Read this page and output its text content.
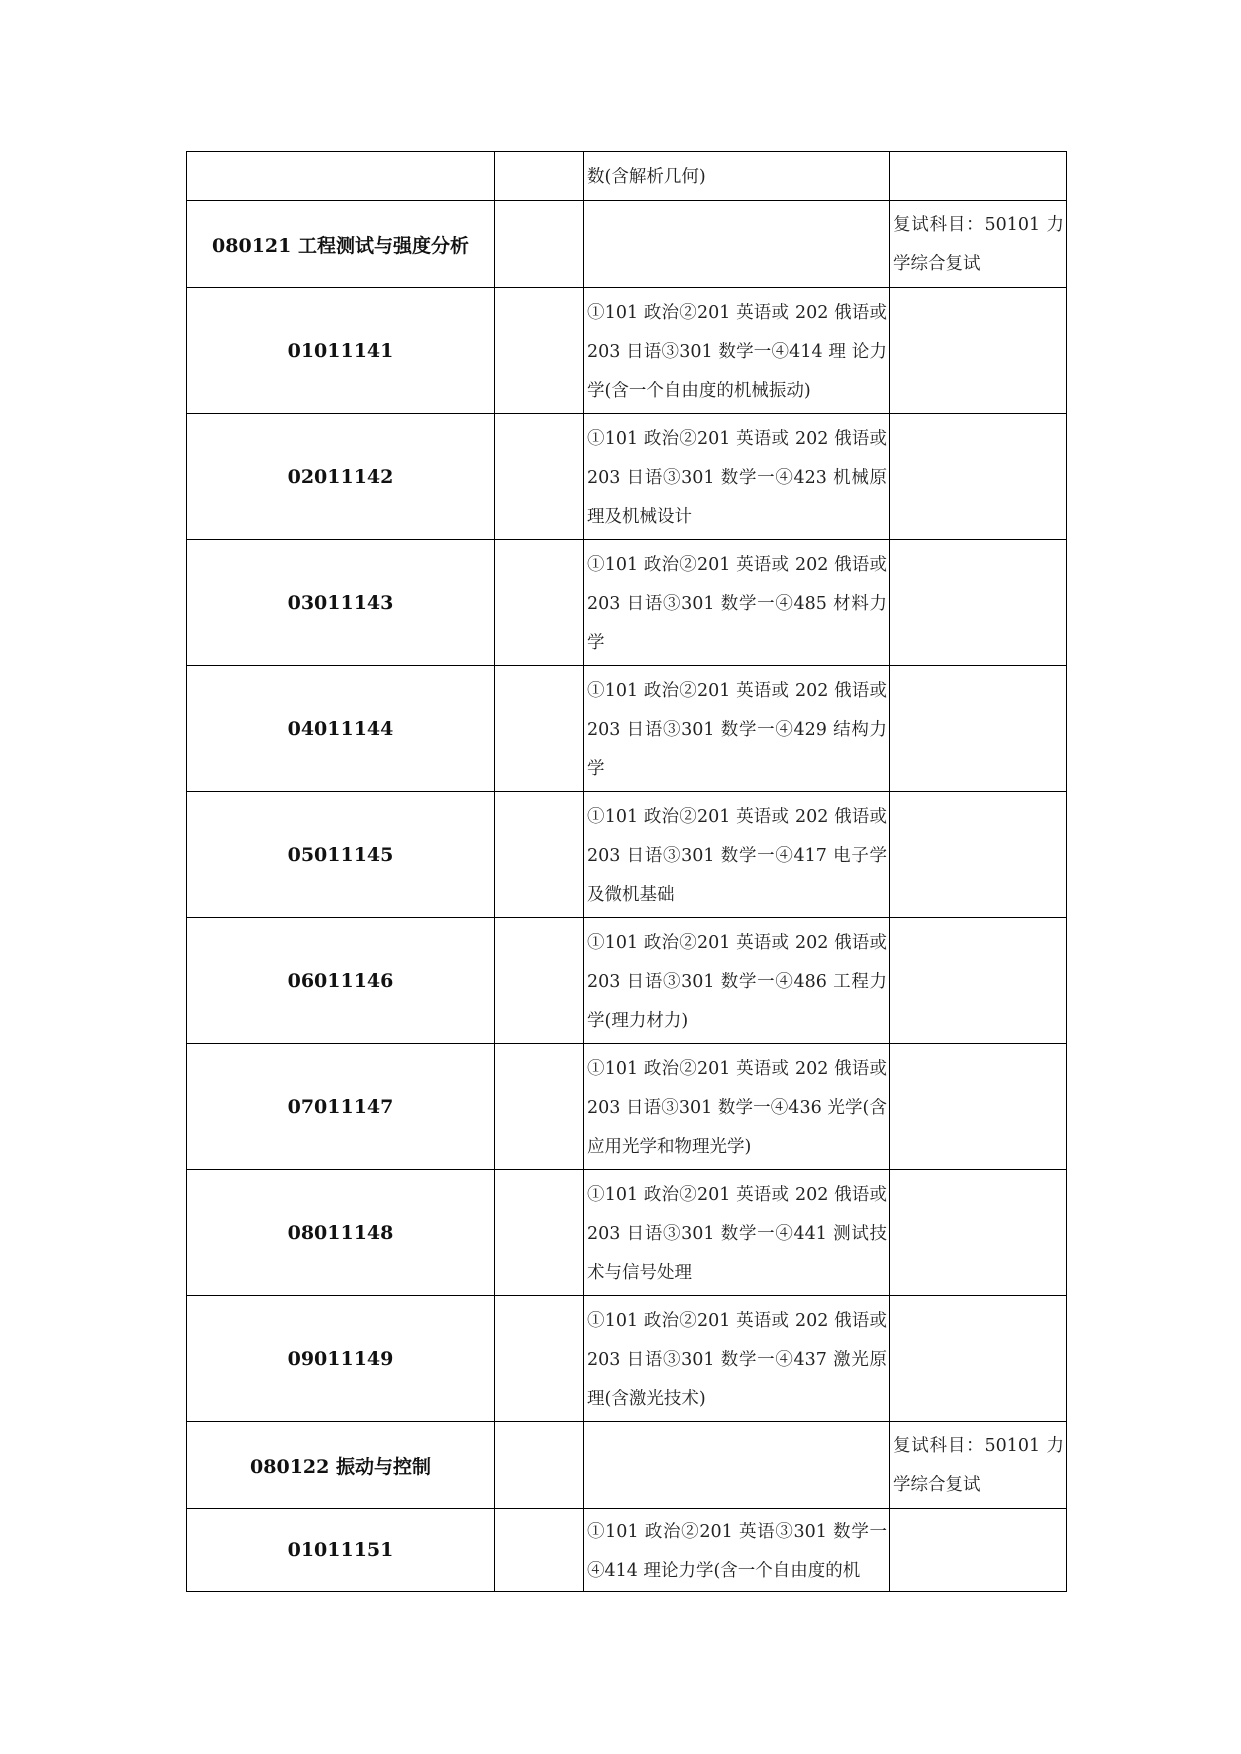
		数(含解析几何)	

080121 工程测试与强度分析			复试科目：50101 力学综合复试

01011141		①101 政治②201 英语或 202 俄语或 203 日语③301 数学一④414 理 论力学(含一个自由度的机械振动)	

02011142		①101 政治②201 英语或 202 俄语或 203 日语③301 数学一④423 机械原理及机械设计	

03011143		①101 政治②201 英语或 202 俄语或 203 日语③301 数学一④485 材料力学	

04011144		①101 政治②201 英语或 202 俄语或 203 日语③301 数学一④429 结构力学	

05011145		①101 政治②201 英语或 202 俄语或 203 日语③301 数学一④417 电子学及微机基础	

06011146		①101 政治②201 英语或 202 俄语或 203 日语③301 数学一④486 工程力学(理力材力)	

07011147		①101 政治②201 英语或 202 俄语或 203 日语③301 数学一④436 光学(含应用光学和物理光学)	

08011148		①101 政治②201 英语或 202 俄语或 203 日语③301 数学一④441 测试技术与信号处理	

09011149		①101 政治②201 英语或 202 俄语或 203 日语③301 数学一④437 激光原理(含激光技术)	

080122 振动与控制			复试科目：50101 力学综合复试

01011151		①101 政治②201 英语③301 数学一④414 理论力学(含一个自由度的机	
